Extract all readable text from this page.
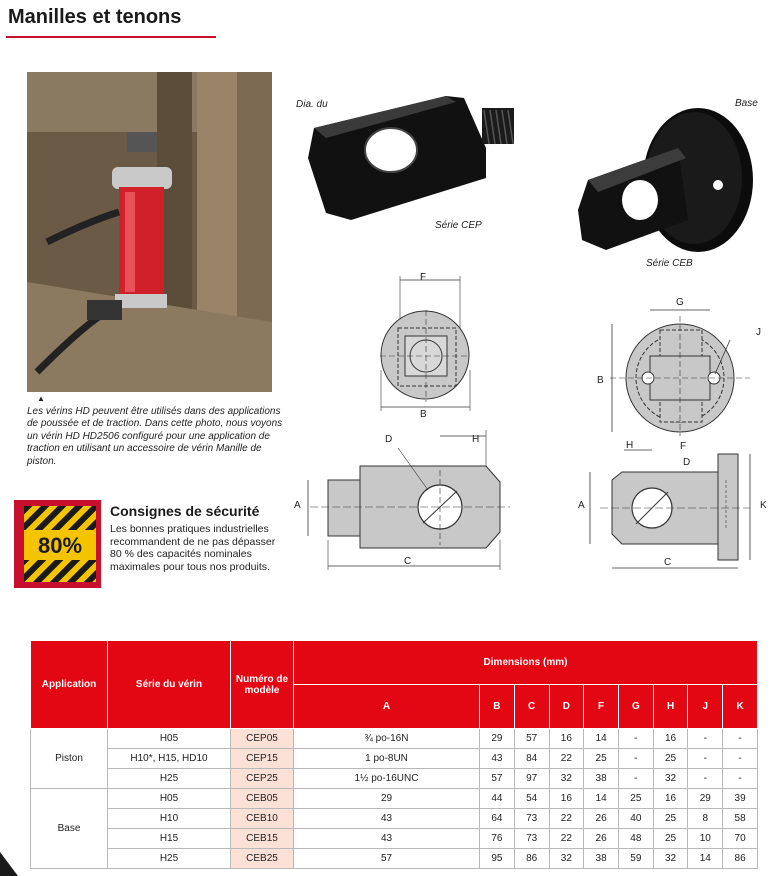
Manilles et tenons
▲
Les vérins HD peuvent être utilisés dans des applications de poussée et de traction. Dans cette photo, nous voyons un vérin HD HD2506 configuré pour une application de traction en utilisant un accessoire de vérin Manille de piston.
80%
Consignes de sécurité
Les bonnes pratiques industrielles recommandent de ne pas dépasser 80 % des capacités nominales maximales pour tous nos produits.
Dia. du
Série CEP
Base
Série CEB
F
B
D	H
A
C
G
J
B
H	F
D
A	K
C
Application	Série du vérin	Numéro de modèle	Dimensions (mm)								
			A	B	C	D	F	G	H	J	K
Piston	H05	CEP05	¾ po-16N	29	57	16	14	-	16	-	-
	H10*, H15, HD10	CEP15	1 po-8UN	43	84	22	25	-	25	-	-
	H25	CEP25	1½ po-16UNC	57	97	32	38	-	32	-	-
Base	H05	CEB05	29	44	54	16	14	25	16	29	39
	H10	CEB10	43	64	73	22	26	40	25	8	58
	H15	CEB15	43	76	73	22	26	48	25	10	70
	H25	CEB25	57	95	86	32	38	59	32	14	86
